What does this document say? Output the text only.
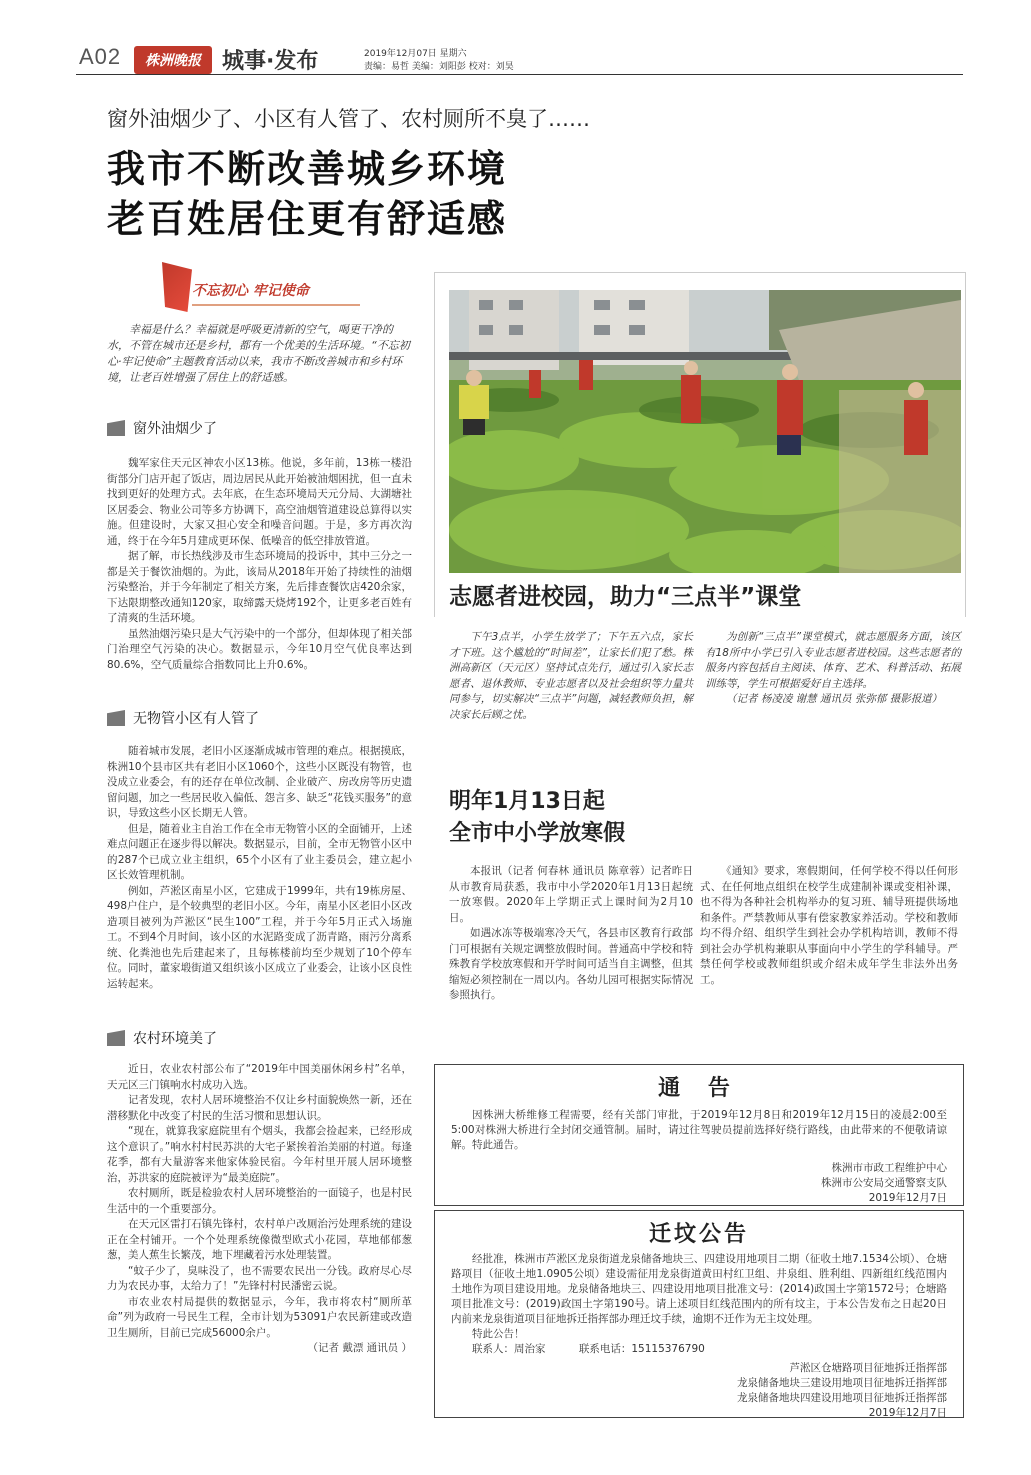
A02	株洲晚报 城事·发布	2019年12月07日 星期六
责编：易哲 美编：刘阳彭 校对：刘昊
窗外油烟少了、小区有人管了、农村厕所不臭了……
我市不断改善城乡环境
老百姓居住更有舒适感
不忘初心 牢记使命
幸福是什么？幸福就是呼吸更清新的空气，喝更干净的水，不管在城市还是乡村，都有一个优美的生活环境。“不忘初心·牢记使命”主题教育活动以来，我市不断改善城市和乡村环境，让老百姓增强了居住上的舒适感。
窗外油烟少了

魏军家住天元区神农小区13栋。他说，多年前，13栋一楼沿街部分门店开起了饭店，周边居民从此开始被油烟困扰，但一直未找到更好的处理方式。去年底，在生态环境局天元分局、大湖塘社区居委会、物业公司等多方协调下，高空油烟管道建设总算得以实施。但建设时，大家又担心安全和噪音问题。于是，多方再次沟通，终于在今年5月建成更环保、低噪音的低空排放管道。

据了解，市长热线涉及市生态环境局的投诉中，其中三分之一都是关于餐饮油烟的。为此，该局从2018年开始了持续性的油烟污染整治，并于今年制定了相关方案，先后排查餐饮店420余家，下达限期整改通知120家，取缔露天烧烤192个，让更多老百姓有了清爽的生活环境。

虽然油烟污染只是大气污染中的一个部分，但却体现了相关部门治理空气污染的决心。数据显示，今年10月空气优良率达到80.6%，空气质量综合指数同比上升0.6%。

无物管小区有人管了

随着城市发展，老旧小区逐渐成城市管理的难点。根据摸底，株洲10个县市区共有老旧小区1060个，这些小区既没有物管，也没成立业委会，有的还存在单位改制、企业破产、房改房等历史遗留问题，加之一些居民收入偏低、怨言多、缺乏“花钱买服务”的意识，导致这些小区长期无人管。

但是，随着业主自治工作在全市无物管小区的全面铺开，上述难点问题正在逐步得以解决。数据显示，目前，全市无物管小区中的287个已成立业主组织，65个小区有了业主委员会，建立起小区长效管理机制。

例如，芦淞区南星小区，它建成于1999年，共有19栋房屋、498户住户，是个较典型的老旧小区。今年，南星小区老旧小区改造项目被列为芦淞区“民生100”工程，并于今年5月正式入场施工。不到4个月时间，该小区的水泥路变成了沥青路，雨污分离系统、化粪池也先后建起来了，且每栋楼前均至少规划了10个停车位。同时，董家塅街道又组织该小区成立了业委会，让该小区良性运转起来。

农村环境美了

近日，农业农村部公布了“2019年中国美丽休闲乡村”名单，天元区三门镇响水村成功入选。

记者发现，农村人居环境整治不仅让乡村面貌焕然一新，还在潜移默化中改变了村民的生活习惯和思想认识。

“现在，就算我家庭院里有个烟头，我都会捡起来，已经形成这个意识了。”响水村村民苏洪的大宅子紧挨着治美丽的村道。每逢花季，都有大量游客来他家体验民宿。今年村里开展人居环境整治，苏洪家的庭院被评为“最美庭院”。

农村厕所，既是检验农村人居环境整治的一面镜子，也是村民生活中的一个重要部分。

在天元区雷打石镇先锋村，农村单户改厕治污处理系统的建设正在全村铺开。一个个处理系统像微型欧式小花园，草地郁郁葱葱，美人蕉生长繁茂，地下埋藏着污水处理装置。

“蚊子少了，臭味没了，也不需要农民出一分钱。政府尽心尽力为农民办事，太给力了！”先锋村村民潘密云说。

市农业农村局提供的数据显示，今年，我市将农村“厕所革命”列为政府一号民生工程，全市计划为53091户农民新建或改造卫生厕所，目前已完成56000余户。

（记者 戴漂 通讯员 ）
志愿者进校园，助力“三点半”课堂

下午3点半，小学生放学了；下午五六点，家长才下班。这个尴尬的“时间差”，让家长们犯了愁。株洲高新区（天元区）坚持试点先行，通过引入家长志愿者、退休教师、专业志愿者以及社会组织等力量共同参与，切实解决“三点半”问题，减轻教师负担，解决家长后顾之忧。

为创新“三点半”课堂模式，就志愿服务方面，该区有18所中小学已引入专业志愿者进校园。这些志愿者的服务内容包括自主阅读、体育、艺术、科普活动、拓展训练等，学生可根据爱好自主选择。

（记者 杨凌凌 谢慧 通讯员 张弥郁 摄影报道）

明年1月13日起
全市中小学放寒假

本报讯（记者 何春林 通讯员 陈章蓉）记者昨日从市教育局获悉，我市中小学2020年1月13日起统一放寒假。2020年上学期正式上课时间为2月10日。

如遇冰冻等极端寒冷天气，各县市区教育行政部门可根据有关规定调整放假时间。普通高中学校和特殊教育学校放寒假和开学时间可适当自主调整，但其缩短必须控制在一周以内。各幼儿园可根据实际情况参照执行。

《通知》要求，寒假期间，任何学校不得以任何形式、在任何地点组织在校学生成建制补课或变相补课，也不得为各种社会机构举办的复习班、辅导班提供场地和条件。严禁教师从事有偿家教家养活动。学校和教师均不得介绍、组织学生到社会办学机构培训，教师不得到社会办学机构兼职从事面向中小学生的学科辅导。严禁任何学校或教师组织或介绍未成年学生非法外出务工。

通 告
因株洲大桥维修工程需要，经有关部门审批，于2019年12月8日和2019年12月15日的凌晨2:00至5:00对株洲大桥进行全封闭交通管制。届时，请过往驾驶员提前选择好绕行路线，由此带来的不便敬请谅解。特此通告。
株洲市市政工程维护中心
株洲市公安局交通警察支队
2019年12月7日
迁坟公告
经批准，株洲市芦淞区龙泉街道龙泉储备地块三、四建设用地项目二期（征收土地7.1534公顷）、仓塘路项目（征收土地1.0905公顷）建设需征用龙泉街道黄田村红卫组、井泉组、胜利组、四新组红线范围内土地作为项目建设用地。龙泉储备地块三、四建设用地项目批准文号：(2014)政国土字第1572号；仓塘路项目批准文号：(2019)政国土字第190号。请上述项目红线范围内的所有坟主，于本公告发布之日起20日内前来龙泉街道项目征地拆迁指挥部办理迁坟手续，逾期不迁作为无主坟处理。
特此公告！
联系人：周治家	联系电话：15115376790
芦淞区仓塘路项目征地拆迁指挥部
龙泉储备地块三建设用地项目征地拆迁指挥部
龙泉储备地块四建设用地项目征地拆迁指挥部
2019年12月7日
